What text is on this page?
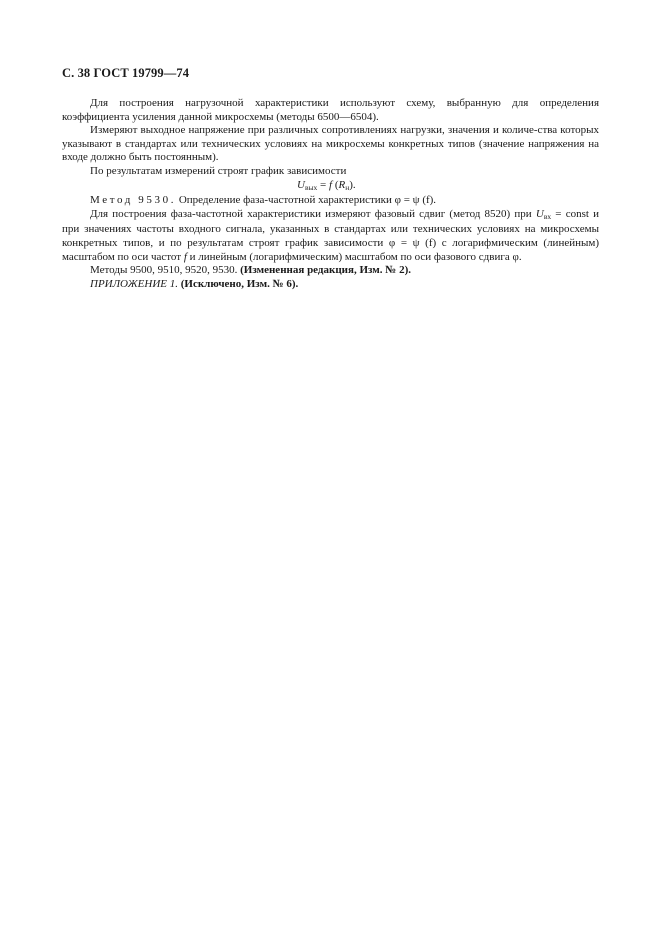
С. 38 ГОСТ 19799—74

Для построения нагрузочной характеристики используют схему, выбранную для определения коэффициента усиления данной микросхемы (методы 6500—6504).

Измеряют выходное напряжение при различных сопротивлениях нагрузки, значения и количе-ства которых указывают в стандартах или технических условиях на микросхемы конкретных типов (значение напряжения на входе должно быть постоянным).

По результатам измерений строят график зависимости

$U_{вых} = f$ $(R_н)$.

Метод 9530. Определение фаза-частотной характеристики φ = ψ (f).

Для построения фаза-частотной характеристики измеряют фазовый сдвиг (метод 8520) при $U_{вх}$ = const и при значениях частоты входного сигнала, указанных в стандартах или технических условиях на микросхемы конкретных типов, и по результатам строят график зависимости φ = ψ (f) с логарифмическим (линейным) масштабом по оси частот f и линейным (логарифмическим) масштабом по оси фазового сдвига φ.

Методы 9500, 9510, 9520, 9530. (Измененная редакция, Изм. № 2).

ПРИЛОЖЕНИЕ 1. (Исключено, Изм. № 6).
